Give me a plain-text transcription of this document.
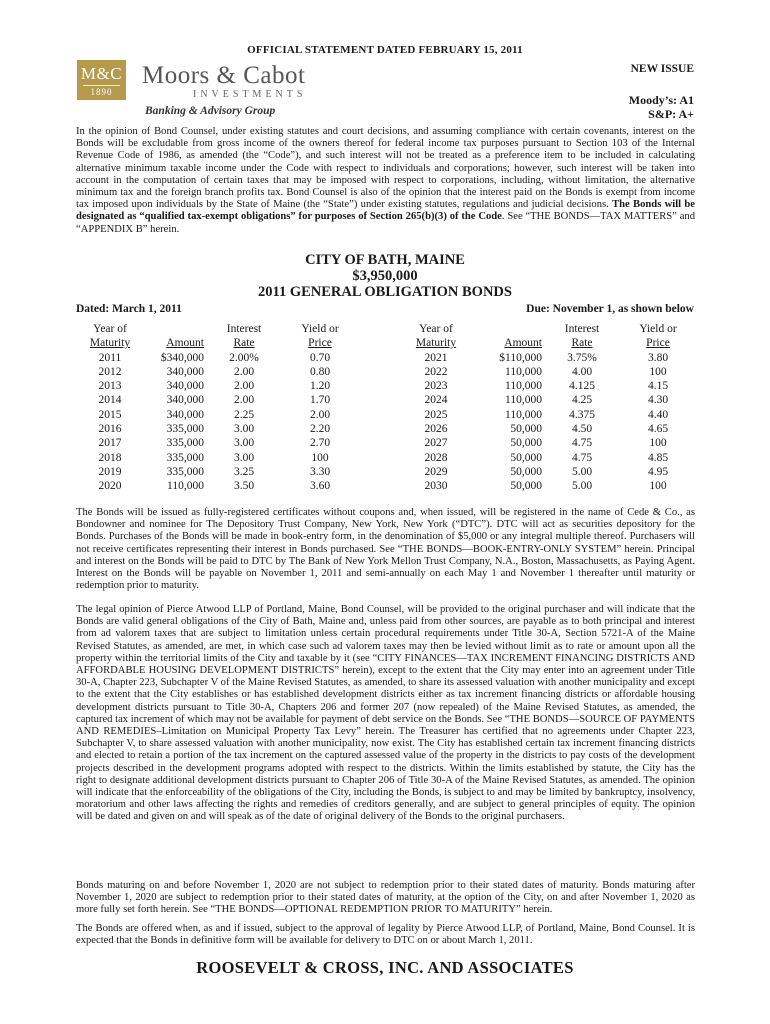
OFFICIAL STATEMENT DATED FEBRUARY 15, 2011
M&C
1890
Moors & Cabot
INVESTMENTS
Banking & Advisory Group
NEW ISSUE
Moody’s: A1
S&P: A+
In the opinion of Bond Counsel, under existing statutes and court decisions, and assuming compliance with certain covenants, interest on the Bonds will be excludable from gross income of the owners thereof for federal income tax purposes pursuant to Section 103 of the Internal Revenue Code of 1986, as amended (the “Code”), and such interest will not be treated as a preference item to be included in calculating alternative minimum taxable income under the Code with respect to individuals and corporations; however, such interest will be taken into account in the computation of certain taxes that may be imposed with respect to corporations, including, without limitation, the alternative minimum tax and the foreign branch profits tax. Bond Counsel is also of the opinion that the interest paid on the Bonds is exempt from income tax imposed upon individuals by the State of Maine (the “State”) under existing statutes, regulations and judicial decisions. The Bonds will be designated as “qualified tax-exempt obligations” for purposes of Section 265(b)(3) of the Code. See “THE BONDS—TAX MATTERS” and “APPENDIX B” herein.
CITY OF BATH, MAINE
$3,950,000
2011 GENERAL OBLIGATION BONDS
Dated: March 1, 2011	Due: November 1, as shown below
Year of
Maturity	Amount	Interest
Rate	Yield or
Price
2011	$340,000	2.00%	0.70
2012	340,000	2.00	0.80
2013	340,000	2.00	1.20
2014	340,000	2.00	1.70
2015	340,000	2.25	2.00
2016	335,000	3.00	2.20
2017	335,000	3.00	2.70
2018	335,000	3.00	100
2019	335,000	3.25	3.30
2020	110,000	3.50	3.60
Year of
Maturity	Amount	Interest
Rate	Yield or
Price
2021	$110,000	3.75%	3.80
2022	110,000	4.00	100
2023	110,000	4.125	4.15
2024	110,000	4.25	4.30
2025	110,000	4.375	4.40
2026	50,000	4.50	4.65
2027	50,000	4.75	100
2028	50,000	4.75	4.85
2029	50,000	5.00	4.95
2030	50,000	5.00	100
The Bonds will be issued as fully-registered certificates without coupons and, when issued, will be registered in the name of Cede & Co., as Bondowner and nominee for The Depository Trust Company, New York, New York (“DTC”). DTC will act as securities depository for the Bonds. Purchases of the Bonds will be made in book-entry form, in the denomination of $5,000 or any integral multiple thereof. Purchasers will not receive certificates representing their interest in Bonds purchased. See “THE BONDS—BOOK-ENTRY-ONLY SYSTEM” herein. Principal and interest on the Bonds will be paid to DTC by The Bank of New York Mellon Trust Company, N.A., Boston, Massachusetts, as Paying Agent. Interest on the Bonds will be payable on November 1, 2011 and semi-annually on each May 1 and November 1 thereafter until maturity or redemption prior to maturity.
The legal opinion of Pierce Atwood LLP of Portland, Maine, Bond Counsel, will be provided to the original purchaser and will indicate that the Bonds are valid general obligations of the City of Bath, Maine and, unless paid from other sources, are payable as to both principal and interest from ad valorem taxes that are subject to limitation unless certain procedural requirements under Title 30-A, Section 5721-A of the Maine Revised Statutes, as amended, are met, in which case such ad valorem taxes may then be levied without limit as to rate or amount upon all the property within the territorial limits of the City and taxable by it (see “CITY FINANCES—TAX INCREMENT FINANCING DISTRICTS AND AFFORDABLE HOUSING DEVELOPMENT DISTRICTS” herein), except to the extent that the City may enter into an agreement under Title 30-A, Chapter 223, Subchapter V of the Maine Revised Statutes, as amended, to share its assessed valuation with another municipality and except to the extent that the City establishes or has established development districts either as tax increment financing districts or affordable housing development districts pursuant to Title 30-A, Chapters 206 and former 207 (now repealed) of the Maine Revised Statutes, as amended, the captured tax increment of which may not be available for payment of debt service on the Bonds. See “THE BONDS—SOURCE OF PAYMENTS AND REMEDIES–Limitation on Municipal Property Tax Levy” herein. The Treasurer has certified that no agreements under Chapter 223, Subchapter V, to share assessed valuation with another municipality, now exist. The City has established certain tax increment financing districts and elected to retain a portion of the tax increment on the captured assessed value of the property in the districts to pay costs of the development projects described in the development programs adopted with respect to the districts. Within the limits established by statute, the City has the right to designate additional development districts pursuant to Chapter 206 of Title 30-A of the Maine Revised Statutes, as amended. The opinion will indicate that the enforceability of the obligations of the City, including the Bonds, is subject to and may be limited by bankruptcy, insolvency, moratorium and other laws affecting the rights and remedies of creditors generally, and are subject to general principles of equity. The opinion will be dated and given on and will speak as of the date of original delivery of the Bonds to the original purchasers.
Bonds maturing on and before November 1, 2020 are not subject to redemption prior to their stated dates of maturity. Bonds maturing after November 1, 2020 are subject to redemption prior to their stated dates of maturity, at the option of the City, on and after November 1, 2020 as more fully set forth herein. See “THE BONDS—OPTIONAL REDEMPTION PRIOR TO MATURITY” herein.
The Bonds are offered when, as and if issued, subject to the approval of legality by Pierce Atwood LLP, of Portland, Maine, Bond Counsel. It is expected that the Bonds in definitive form will be available for delivery to DTC on or about March 1, 2011.
ROOSEVELT & CROSS, INC. AND ASSOCIATES
